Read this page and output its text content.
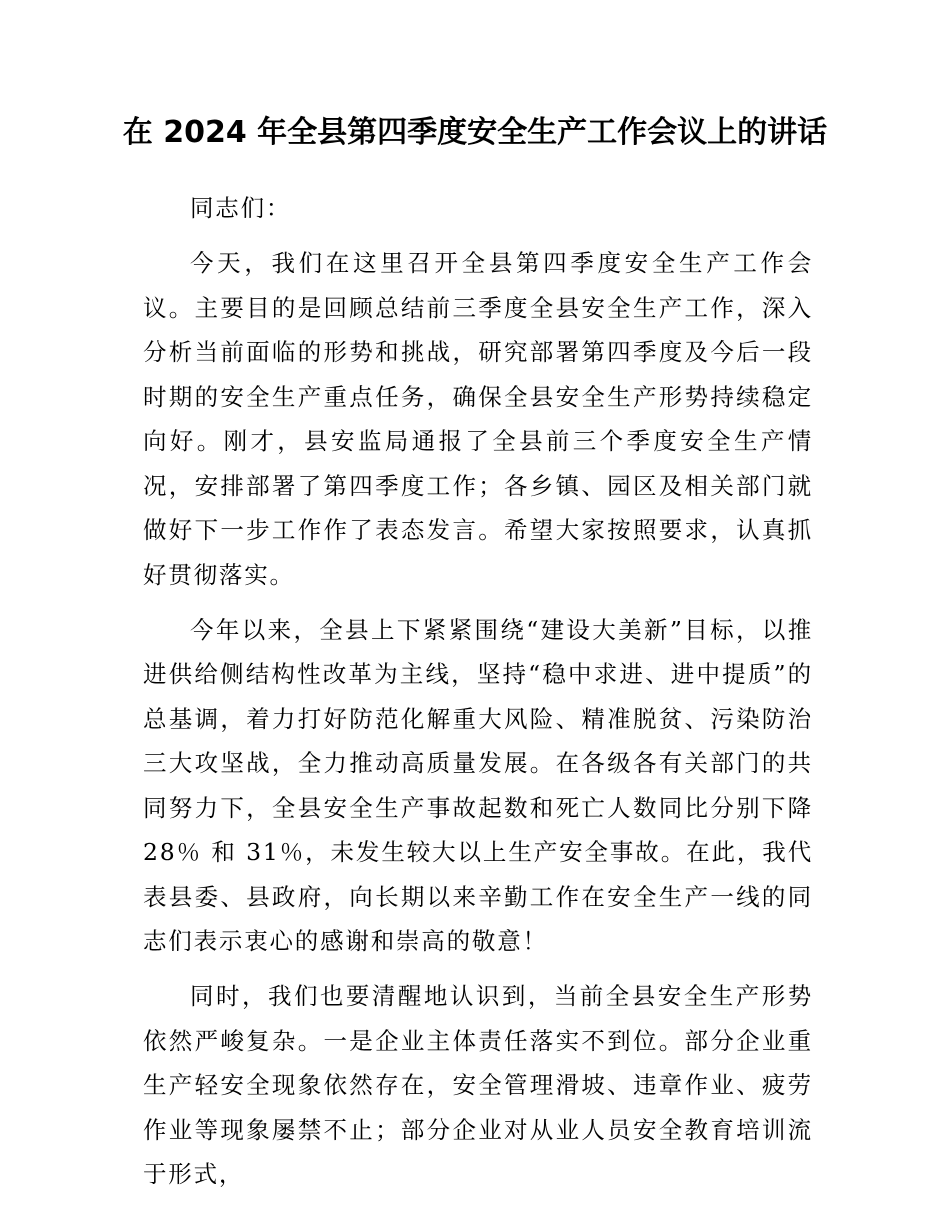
在 2024 年全县第四季度安全生产工作会议上的讲话

同志们：

今天，我们在这里召开全县第四季度安全生产工作会议。主要目的是回顾总结前三季度全县安全生产工作，深入分析当前面临的形势和挑战，研究部署第四季度及今后一段时期的安全生产重点任务，确保全县安全生产形势持续稳定向好。刚才，县安监局通报了全县前三个季度安全生产情况，安排部署了第四季度工作；各乡镇、园区及相关部门就做好下一步工作作了表态发言。希望大家按照要求，认真抓好贯彻落实。

今年以来，全县上下紧紧围绕“建设大美新”目标，以推进供给侧结构性改革为主线，坚持“稳中求进、进中提质”的总基调，着力打好防范化解重大风险、精准脱贫、污染防治三大攻坚战，全力推动高质量发展。在各级各有关部门的共同努力下，全县安全生产事故起数和死亡人数同比分别下降 28％ 和 31％，未发生较大以上生产安全事故。在此，我代表县委、县政府，向长期以来辛勤工作在安全生产一线的同志们表示衷心的感谢和崇高的敬意！

同时，我们也要清醒地认识到，当前全县安全生产形势依然严峻复杂。一是企业主体责任落实不到位。部分企业重生产轻安全现象依然存在，安全管理滑坡、违章作业、疲劳作业等现象屡禁不止；部分企业对从业人员安全教育培训流于形式，
